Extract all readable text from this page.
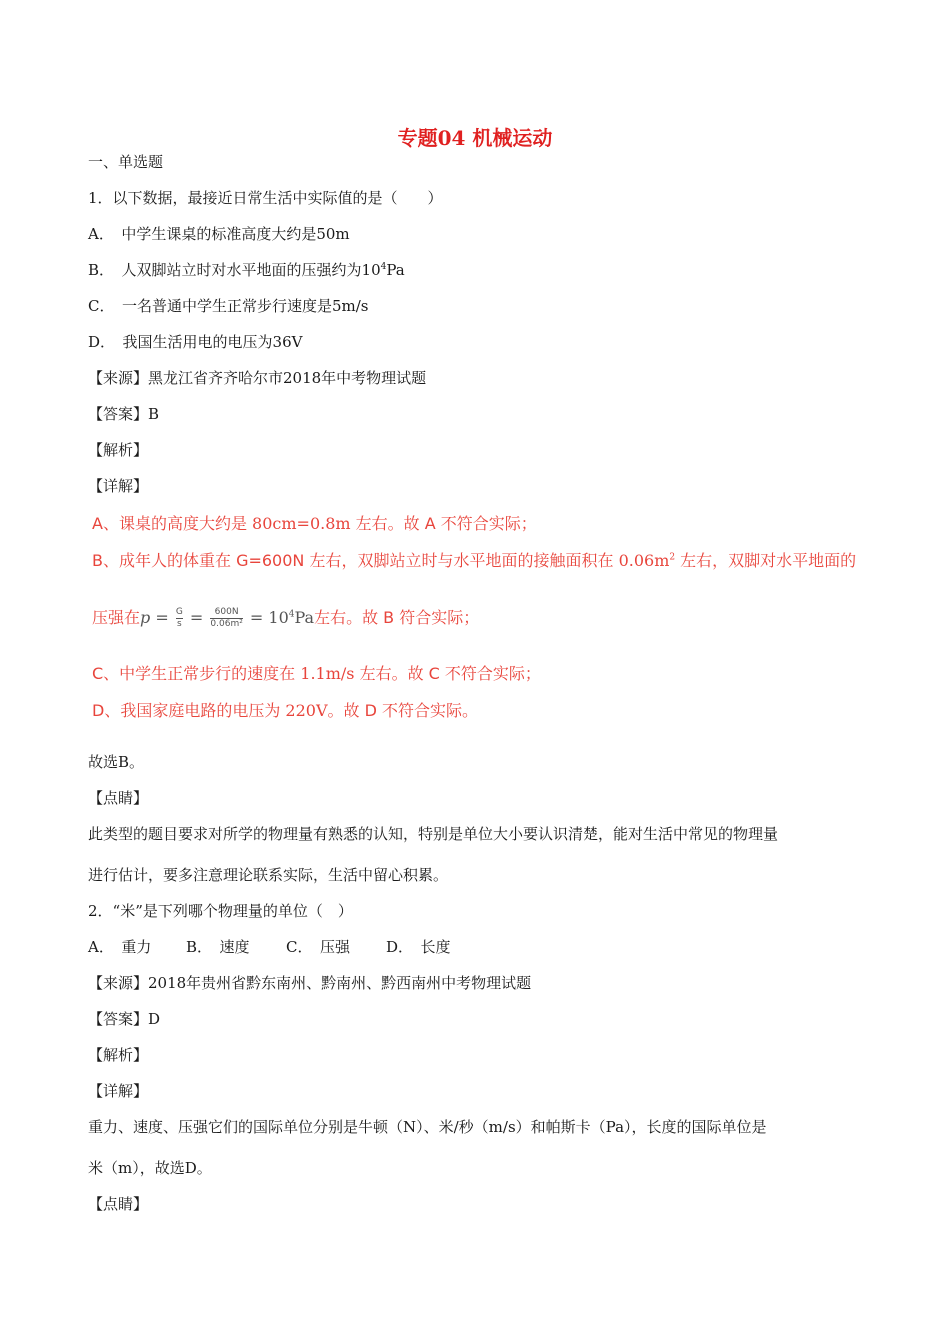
专题04 机械运动
一、单选题
1．以下数据，最接近日常生活中实际值的是（　　）
A．　中学生课桌的标准高度大约是50m
B．　人双脚站立时对水平地面的压强约为$10^4Pa$
C．　一名普通中学生正常步行速度是5m/s
D．　我国生活用电的电压为36V
【来源】黑龙江省齐齐哈尔市2018年中考物理试题
【答案】B
【解析】
【详解】
A、课桌的高度大约是 80cm=0.8m 左右。故 A 不符合实际；
B、成年人的体重在 G=600N 左右，双脚站立时与水平地面的接触面积在 $0.06m^2$ 左右，双脚对水平地面的
压强在$p = \frac{G}{s} = \frac{600N}{\text{0.06m²}} = 10^4Pa$左右。故 B 符合实际；
C、中学生正常步行的速度在 1.1m/s 左右。故 C 不符合实际；
D、我国家庭电路的电压为 220V。故 D 不符合实际。
故选B。
【点睛】
此类型的题目要求对所学的物理量有熟悉的认知，特别是单位大小要认识清楚，能对生活中常见的物理量
进行估计，要多注意理论联系实际，生活中留心积累。
2．“米”是下列哪个物理量的单位（　）
A．　重力 B．　速度 C．　压强 D．　长度
【来源】2018年贵州省黔东南州、黔南州、黔西南州中考物理试题
【答案】D
【解析】
【详解】
重力、速度、压强它们的国际单位分别是牛顿（N）、米/秒（m/s）和帕斯卡（Pa），长度的国际单位是
米（m），故选D。
【点睛】
